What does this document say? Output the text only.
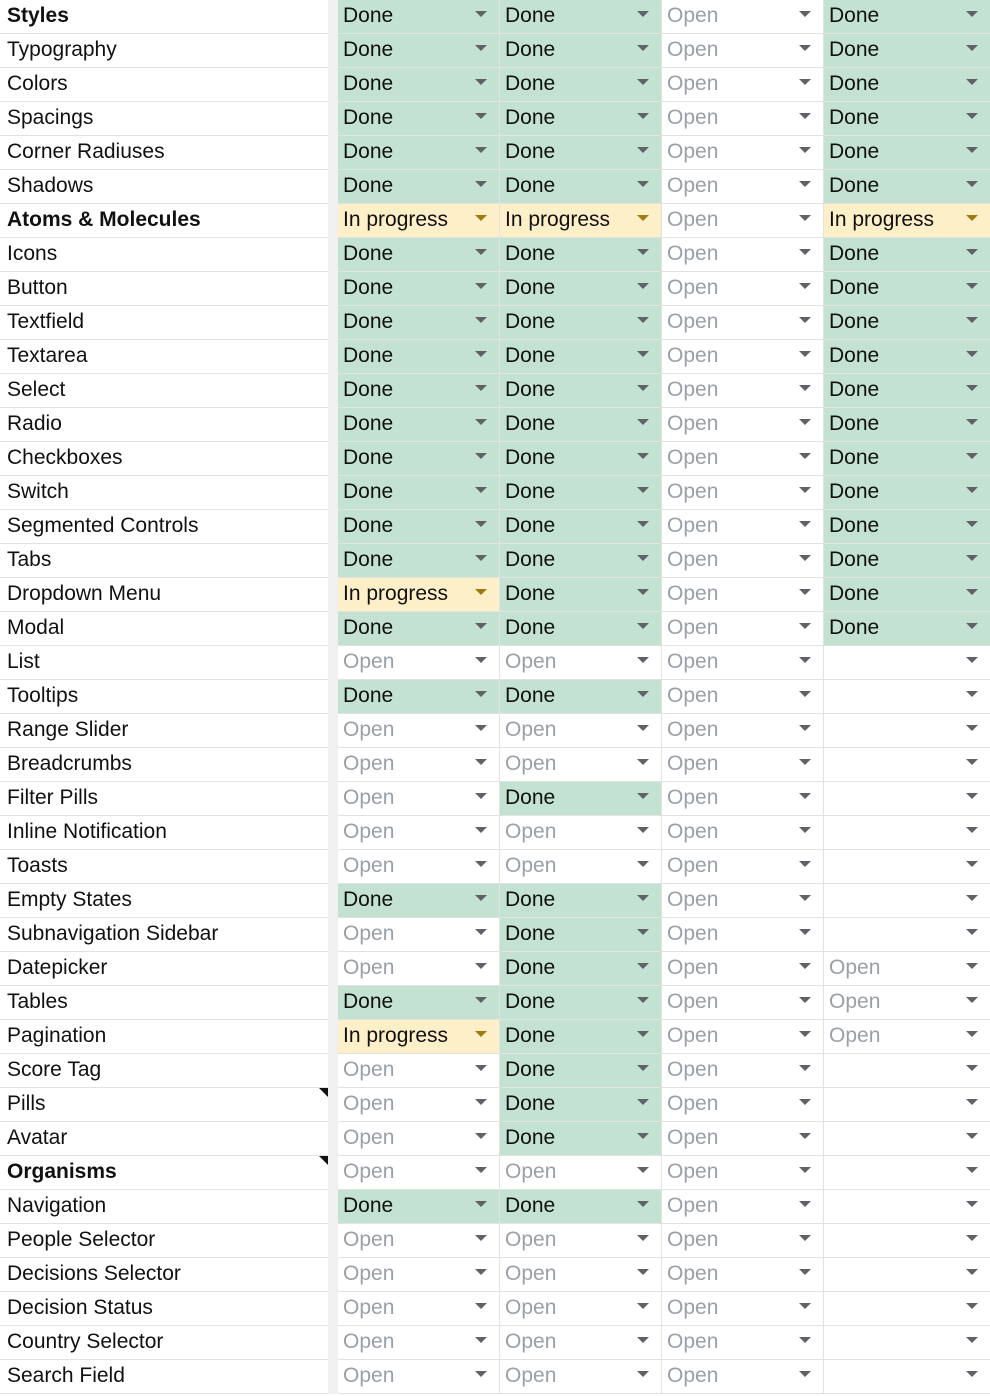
Styles	Done	Done	Open	Done
Typography	Done	Done	Open	Done
Colors	Done	Done	Open	Done
Spacings	Done	Done	Open	Done
Corner Radiuses	Done	Done	Open	Done
Shadows	Done	Done	Open	Done
Atoms & Molecules	In progress	In progress	Open	In progress
Icons	Done	Done	Open	Done
Button	Done	Done	Open	Done
Textfield	Done	Done	Open	Done
Textarea	Done	Done	Open	Done
Select	Done	Done	Open	Done
Radio	Done	Done	Open	Done
Checkboxes	Done	Done	Open	Done
Switch	Done	Done	Open	Done
Segmented Controls	Done	Done	Open	Done
Tabs	Done	Done	Open	Done
Dropdown Menu	In progress	Done	Open	Done
Modal	Done	Done	Open	Done
List	Open	Open	Open
Tooltips	Done	Done	Open
Range Slider	Open	Open	Open
Breadcrumbs	Open	Open	Open
Filter Pills	Open	Done	Open
Inline Notification	Open	Open	Open
Toasts	Open	Open	Open
Empty States	Done	Done	Open
Subnavigation Sidebar	Open	Done	Open
Datepicker	Open	Done	Open	Open
Tables	Done	Done	Open	Open
Pagination	In progress	Done	Open	Open
Score Tag	Open	Done	Open
Pills	Open	Done	Open
Avatar	Open	Done	Open
Organisms	Open	Open	Open
Navigation	Done	Done	Open
People Selector	Open	Open	Open
Decisions Selector	Open	Open	Open
Decision Status	Open	Open	Open
Country Selector	Open	Open	Open
Search Field	Open	Open	Open
